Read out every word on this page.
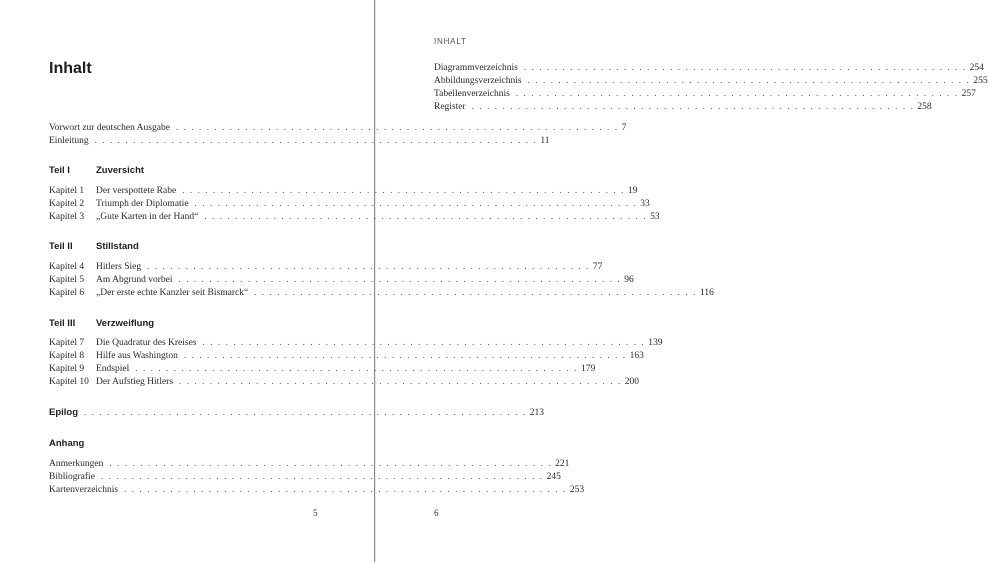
Inhalt
Vorwort zur deutschen Ausgabe . . . . . . . . . . . . . . . . . . . . . . . . . . . . . . . . . . . . . . . . . . . . . . . . . . . . . . . . . . 7
Einleitung . . . . . . . . . . . . . . . . . . . . . . . . . . . . . . . . . . . . . . . . . . . . . . . . . . . . . . . . . . 11
Teil I	Zuversicht
Kapitel 1	Der verspottete Rabe . . . . . . . . . . . . . . . . . . . . . . . . . . . . . . . . . . . . . . . . . . . . . . . . . . . . . . . . . . 19
Kapitel 2	Triumph der Diplomatie . . . . . . . . . . . . . . . . . . . . . . . . . . . . . . . . . . . . . . . . . . . . . . . . . . . . . . . . . . 33
Kapitel 3	„Gute Karten in der Hand“ . . . . . . . . . . . . . . . . . . . . . . . . . . . . . . . . . . . . . . . . . . . . . . . . . . . . . . . . . . 53
Teil II	Stillstand
Kapitel 4	Hitlers Sieg . . . . . . . . . . . . . . . . . . . . . . . . . . . . . . . . . . . . . . . . . . . . . . . . . . . . . . . . . . 77
Kapitel 5	Am Abgrund vorbei . . . . . . . . . . . . . . . . . . . . . . . . . . . . . . . . . . . . . . . . . . . . . . . . . . . . . . . . . . 96
Kapitel 6	„Der erste echte Kanzler seit Bismarck“ . . . . . . . . . . . . . . . . . . . . . . . . . . . . . . . . . . . . . . . . . . . . . . . . . . . . . . . . . . 116
Teil III	Verzweiflung
Kapitel 7	Die Quadratur des Kreises . . . . . . . . . . . . . . . . . . . . . . . . . . . . . . . . . . . . . . . . . . . . . . . . . . . . . . . . . . 139
Kapitel 8	Hilfe aus Washington . . . . . . . . . . . . . . . . . . . . . . . . . . . . . . . . . . . . . . . . . . . . . . . . . . . . . . . . . . 163
Kapitel 9	Endspiel . . . . . . . . . . . . . . . . . . . . . . . . . . . . . . . . . . . . . . . . . . . . . . . . . . . . . . . . . . 179
Kapitel 10 Der Aufstieg Hitlers . . . . . . . . . . . . . . . . . . . . . . . . . . . . . . . . . . . . . . . . . . . . . . . . . . . . . . . . . . 200
Epilog . . . . . . . . . . . . . . . . . . . . . . . . . . . . . . . . . . . . . . . . . . . . . . . . . . . . . . . . . . 213
Anhang
Anmerkungen . . . . . . . . . . . . . . . . . . . . . . . . . . . . . . . . . . . . . . . . . . . . . . . . . . . . . . . . . . 221
Bibliografie . . . . . . . . . . . . . . . . . . . . . . . . . . . . . . . . . . . . . . . . . . . . . . . . . . . . . . . . . . 245
Kartenverzeichnis . . . . . . . . . . . . . . . . . . . . . . . . . . . . . . . . . . . . . . . . . . . . . . . . . . . . . . . . . . 253
5
INHALT
Diagrammverzeichnis . . . . . . . . . . . . . . . . . . . . . . . . . . . . . . . . . . . . . . . . . . . . . . . . . . . . . . . . . . 254
Abbildungsverzeichnis . . . . . . . . . . . . . . . . . . . . . . . . . . . . . . . . . . . . . . . . . . . . . . . . . . . . . . . . . . 255
Tabellenverzeichnis . . . . . . . . . . . . . . . . . . . . . . . . . . . . . . . . . . . . . . . . . . . . . . . . . . . . . . . . . . 257
Register . . . . . . . . . . . . . . . . . . . . . . . . . . . . . . . . . . . . . . . . . . . . . . . . . . . . . . . . . . 258
6
